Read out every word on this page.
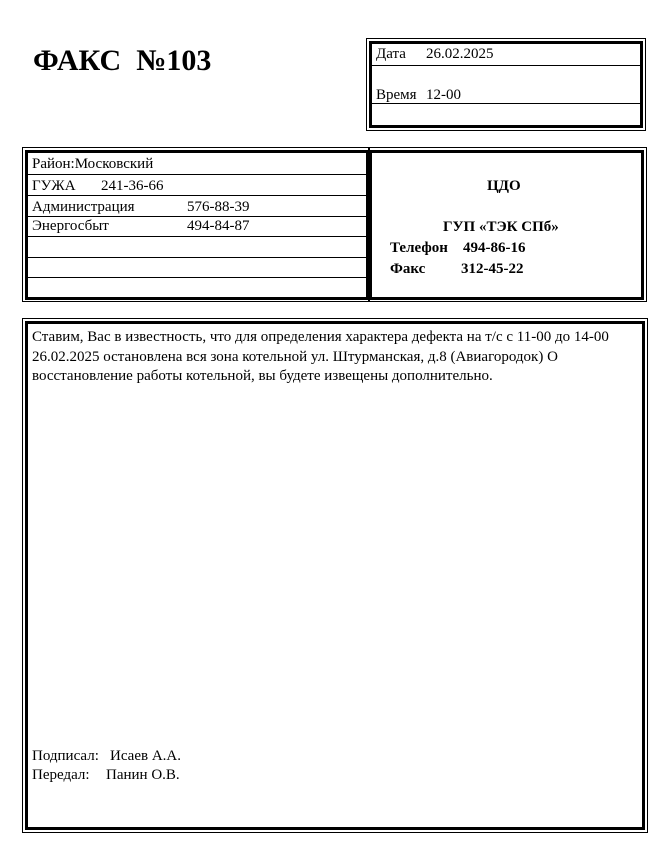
ФАКС  №103	Дата 26.02.2025
Время 12-00
Район:Московский
ГУЖА 241-36-66
Администрация	576-88-39
Энергосбыт	494-84-87
ЦДО
ГУП «ТЭК СПб»
Телефон 494-86-16
Факс 312-45-22
Ставим, Вас в известность, что для определения характера дефекта на т/с с 11-00 до 14-00 26.02.2025 остановлена вся зона котельной ул. Штурманская, д.8 (Авиагородок) О восстановление работы котельной, вы будете извещены дополнительно.
Подписал: Исаев А.А.
Передал: Панин О.В.
